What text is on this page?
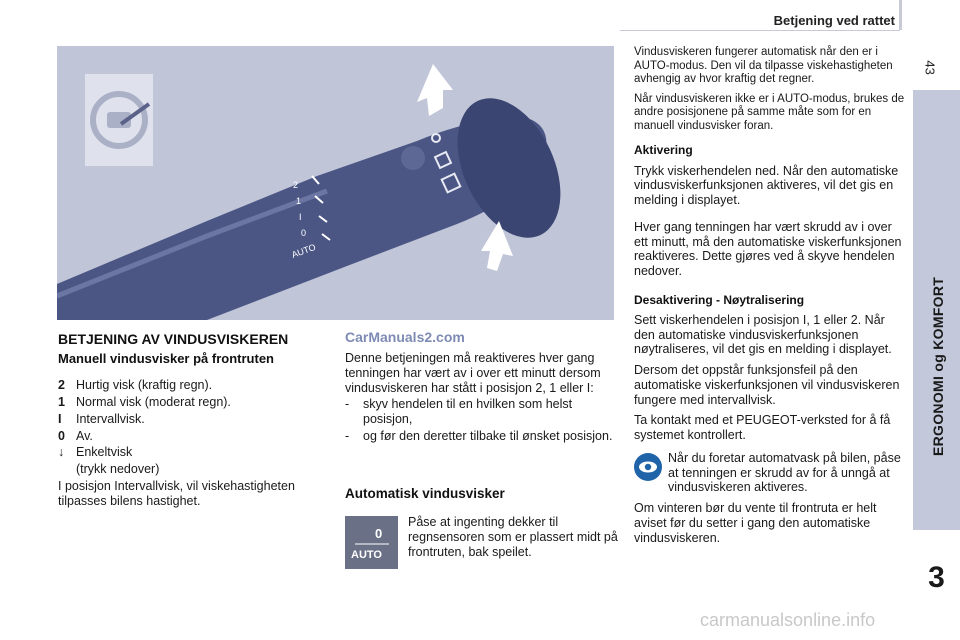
Betjening ved rattet
43
ERGONOMI og KOMFORT
3
2
1
I
0
AUTO
BETJENING AV VINDUSVISKEREN	CarManuals2.com
Manuell vindusvisker på frontruten
2 Hurtig visk (kraftig regn).
1 Normal visk (moderat regn).
I	Intervallvisk.
0 Av.
↓ Enkeltvisk
(trykk nedover)
I posisjon Intervallvisk, vil viskehastigheten tilpasses bilens hastighet.
Denne betjeningen må reaktiveres hver gang tenningen har vært av i over ett minutt dersom vindusviskeren har stått i posisjon 2, 1 eller I:
-	skyv hendelen til en hvilken som helst posisjon,
-	og før den deretter tilbake til ønsket posisjon.
Automatisk vindusvisker
0
AUTO
Påse at ingenting dekker til regnsensoren som er plassert midt på frontruten, bak speilet.
Vindusviskeren fungerer automatisk når den er i AUTO-modus. Den vil da tilpasse viskehastigheten avhengig av hvor kraftig det regner.
Når vindusviskeren ikke er i AUTO-modus, brukes de andre posisjonene på samme måte som for en manuell vindusvisker foran.
Aktivering
Trykk viskerhendelen ned. Når den automatiske vindusviskerfunksjonen aktiveres, vil det gis en melding i displayet.
Hver gang tenningen har vært skrudd av i over ett minutt, må den automatiske viskerfunksjonen reaktiveres. Dette gjøres ved å skyve hendelen nedover.
Desaktivering - Nøytralisering
Sett viskerhendelen i posisjon I, 1 eller 2. Når den automatiske vindusviskerfunksjonen nøytraliseres, vil det gis en melding i displayet.
Dersom det oppstår funksjonsfeil på den automatiske viskerfunksjonen vil vindusviskeren fungere med intervallvisk.
Ta kontakt med et PEUGEOT-verksted for å få systemet kontrollert.
Når du foretar automatvask på bilen, påse at tenningen er skrudd av for å unngå at vindusviskeren aktiveres.
Om vinteren bør du vente til frontruta er helt aviset før du setter i gang den automatiske vindusviskeren.
carmanualsonline.info
